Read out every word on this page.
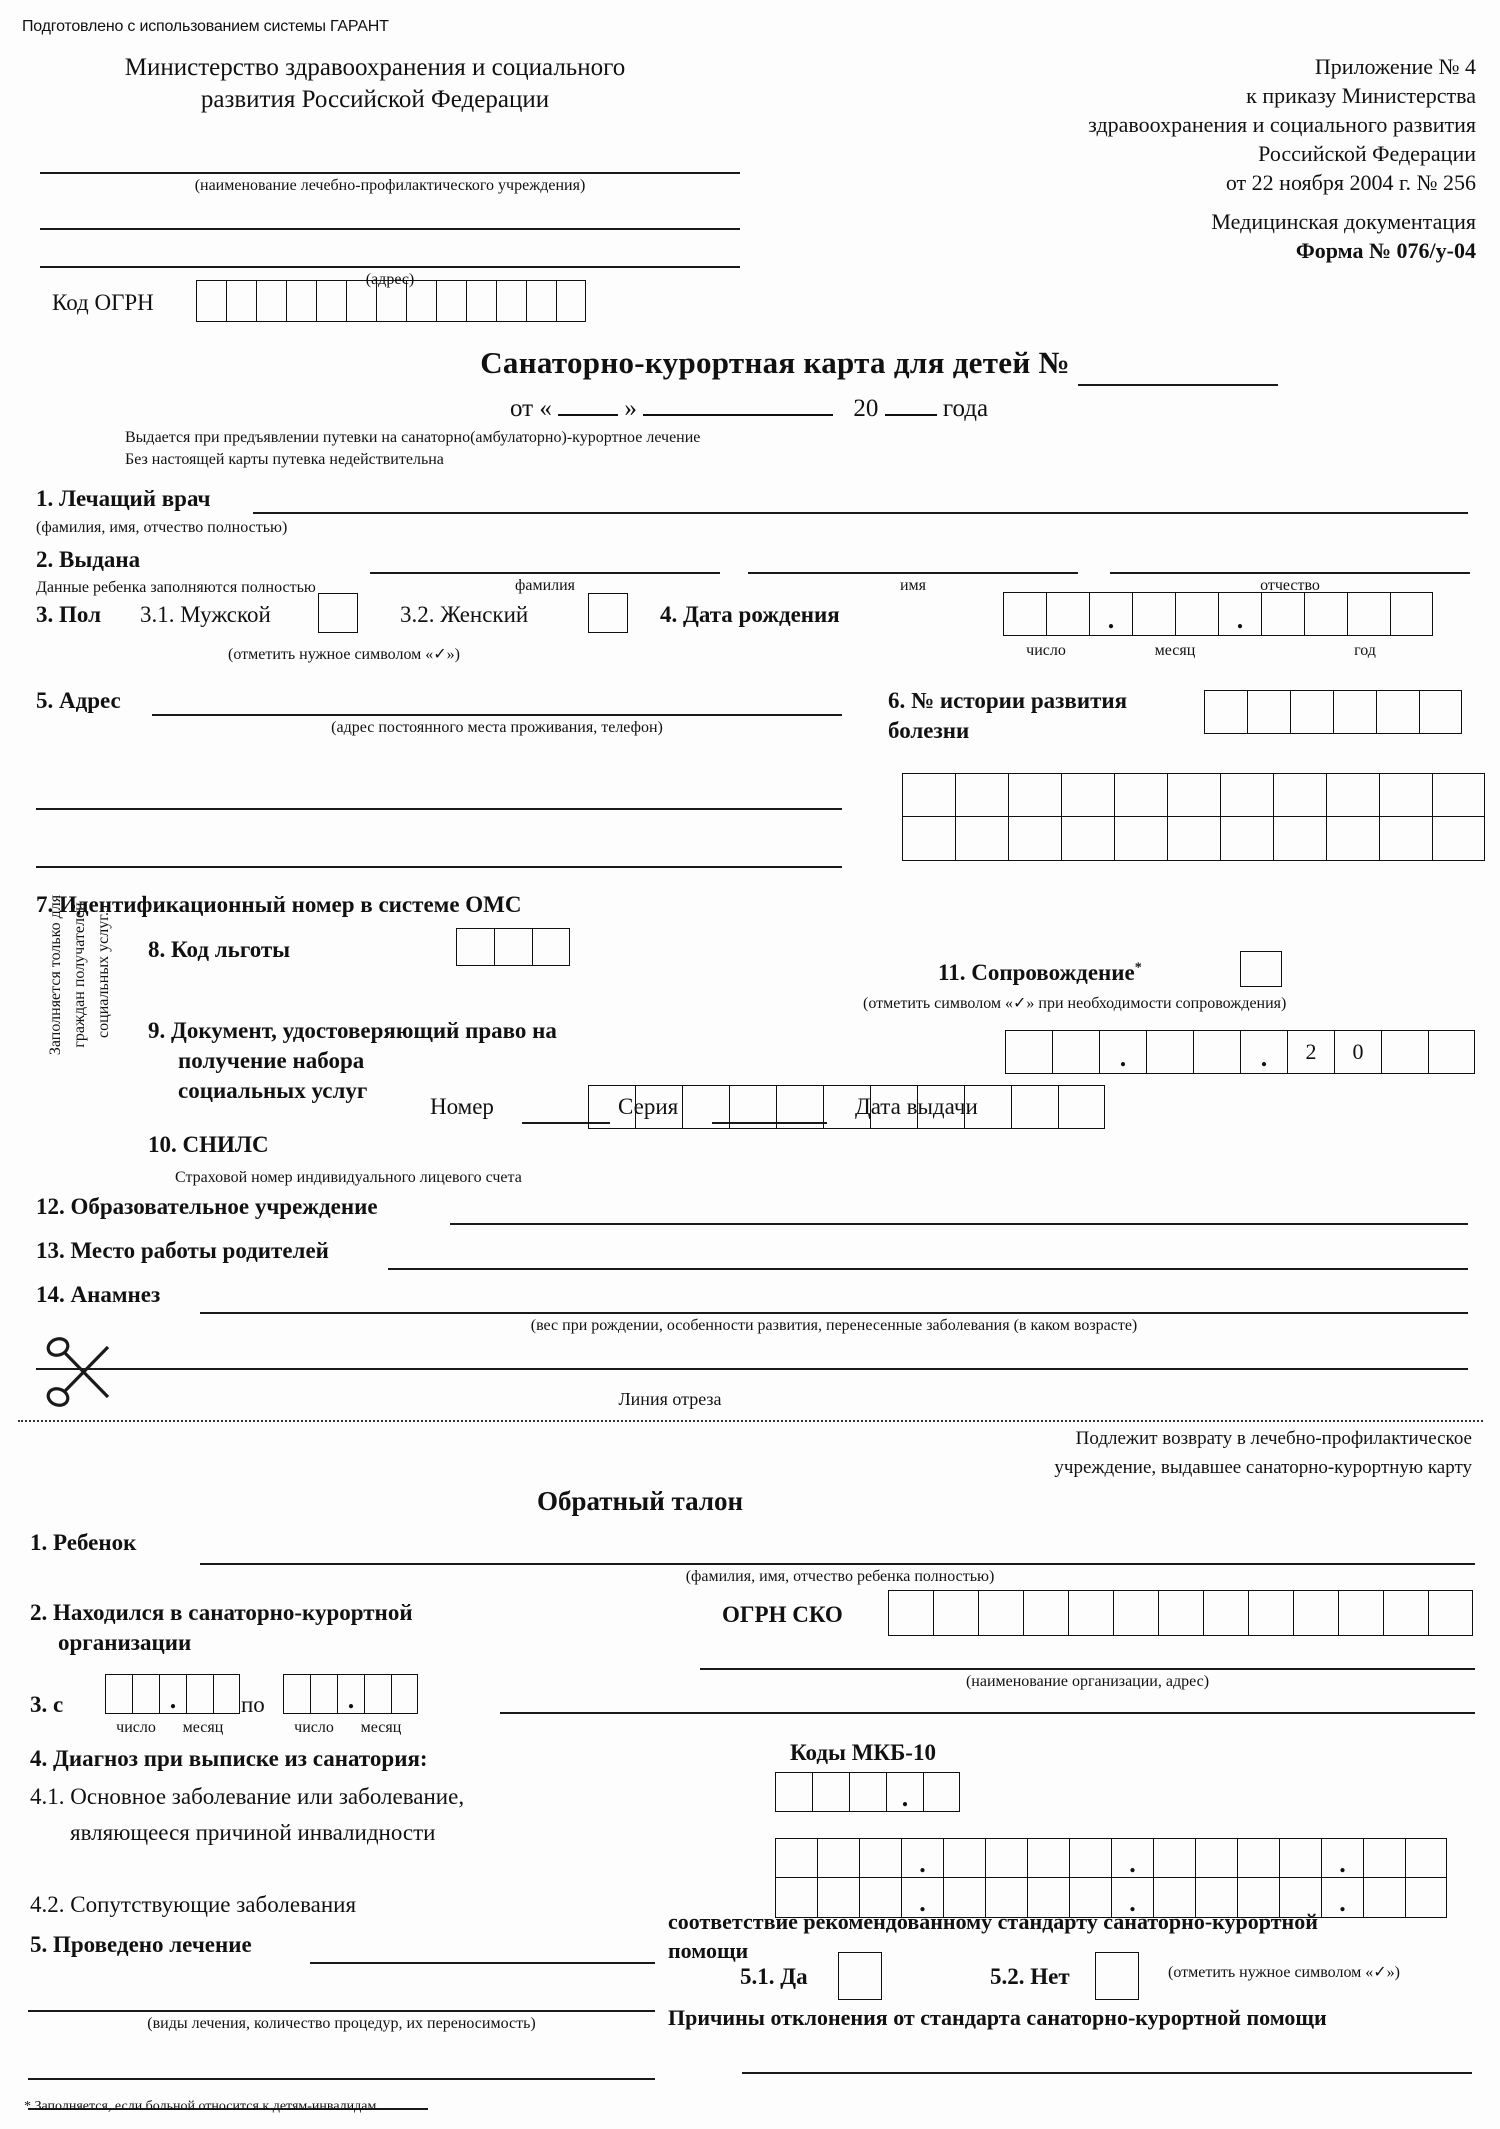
Подготовлено с использованием системы ГАРАНТ
Министерство здравоохранения и социального
развития Российской Федерации
Приложение № 4
к приказу Министерства
здравоохранения и социального развития
Российской Федерации
от 22 ноября 2004 г. № 256
Медицинская документация
Форма № 076/у-04
(наименование лечебно-профилактического учреждения)
(адрес)
Код ОГРН
Санаторно-курортная карта для детей №
от «	»	20	года
Выдается при предъявлении путевки на санаторно(амбулаторно)-курортное лечение
Без настоящей карты путевка недействительна
1. Лечащий врач
(фамилия, имя, отчество полностью)
2. Выдана
Данные ребенка заполняются полностью	фамилия	имя	отчество
3. Пол 3.1. Мужской	3.2. Женский
(отметить нужное символом «✓»)
4. Дата рождения	.	.
число	месяц	год
5. Адрес
(адрес постоянного места проживания, телефон)
6. № истории развития
болезни
7. Идентификационный номер в системе ОМС
8. Код льготы
11. Сопровождение*
(отметить символом «✓» при необходимости сопровождения)
Заполняется только для граждан получателей социальных услуг. 9. Документ, удостоверяющий право на
получение набора
социальных услуг
Номер	Серия	Дата выдачи
.	.	2	0
10. СНИЛС
Страховой номер индивидуального лицевого счета
12. Образовательное учреждение
13. Место работы родителей
14. Анамнез
(вес при рождении, особенности развития, перенесенные заболевания (в каком возрасте)
Линия отреза
Подлежит возврату в лечебно-профилактическое
учреждение, выдавшее санаторно-курортную карту
Обратный талон
1. Ребенок
(фамилия, имя, отчество ребенка полностью)
ОГРН СКО
2. Находился в санаторно-курортной
организации
(наименование организации, адрес)
3. с	.	по	.
число	месяц	число	месяц
4. Диагноз при выписке из санатория:
4.1. Основное заболевание или заболевание,
являющееся причиной инвалидности
4.2. Сопутствующие заболевания
Коды МКБ-10
.
.	.	.
.	.	.
соответствие рекомендованному стандарту санаторно-курортной
помощи
5. Проведено лечение
(виды лечения, количество процедур, их переносимость)
5.1. Да	5.2. Нет	(отметить нужное символом «✓»)
Причины отклонения от стандарта санаторно-курортной помощи
* Заполняется, если больной относится к детям-инвалидам.
